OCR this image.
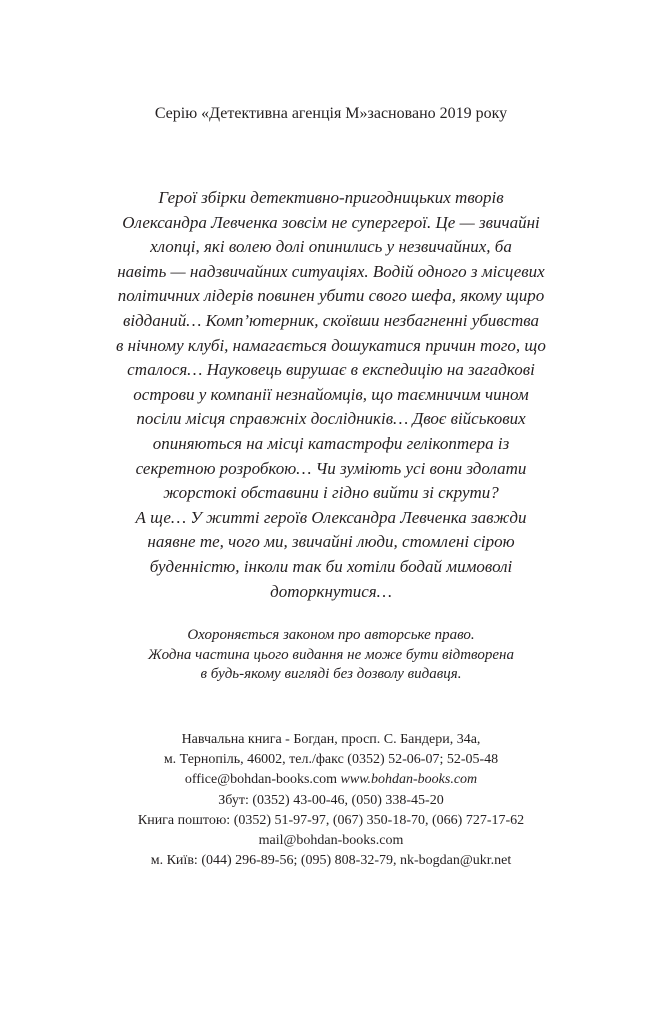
Серію «Детективна агенція М»засновано 2019 року
Герої збірки детективно-пригодницьких творів
Олександра Левченка зовсім не супергерої. Це — звичайні
хлопці, які волею долі опинились у незвичайних, ба
навіть — надзвичайних ситуаціях. Водій одного з місцевих
політичних лідерів повинен убити свого шефа, якому щиро
відданий… Комп’ютерник, скоївши незбагненні убивства
в нічному клубі, намагається дошукатися причин того, що
сталося… Науковець вирушає в експедицію на загадкові
острови у компанії незнайомців, що таємничим чином
посіли місця справжніх дослідників… Двоє військових
опиняються на місці катастрофи гелікоптера із
секретною розробкою… Чи зуміють усі вони здолати
жорстокі обставини і гідно вийти зі скрути?
А ще… У житті героїв Олександра Левченка завжди
наявне те, чого ми, звичайні люди, стомлені сірою
буденністю, інколи так би хотіли бодай мимоволі
доторкнутися…
Охороняється законом про авторське право.
Жодна частина цього видання не може бути відтворена
в будь-якому вигляді без дозволу видавця.
Навчальна книга - Богдан, просп. С. Бандери, 34а,
м. Тернопіль, 46002, тел./факс (0352) 52-06-07; 52-05-48
office@bohdan-books.com www.bohdan-books.com
Збут: (0352) 43-00-46, (050) 338-45-20
Книга поштою: (0352) 51-97-97, (067) 350-18-70, (066) 727-17-62
mail@bohdan-books.com
м. Київ: (044) 296-89-56; (095) 808-32-79, nk-bogdan@ukr.net
